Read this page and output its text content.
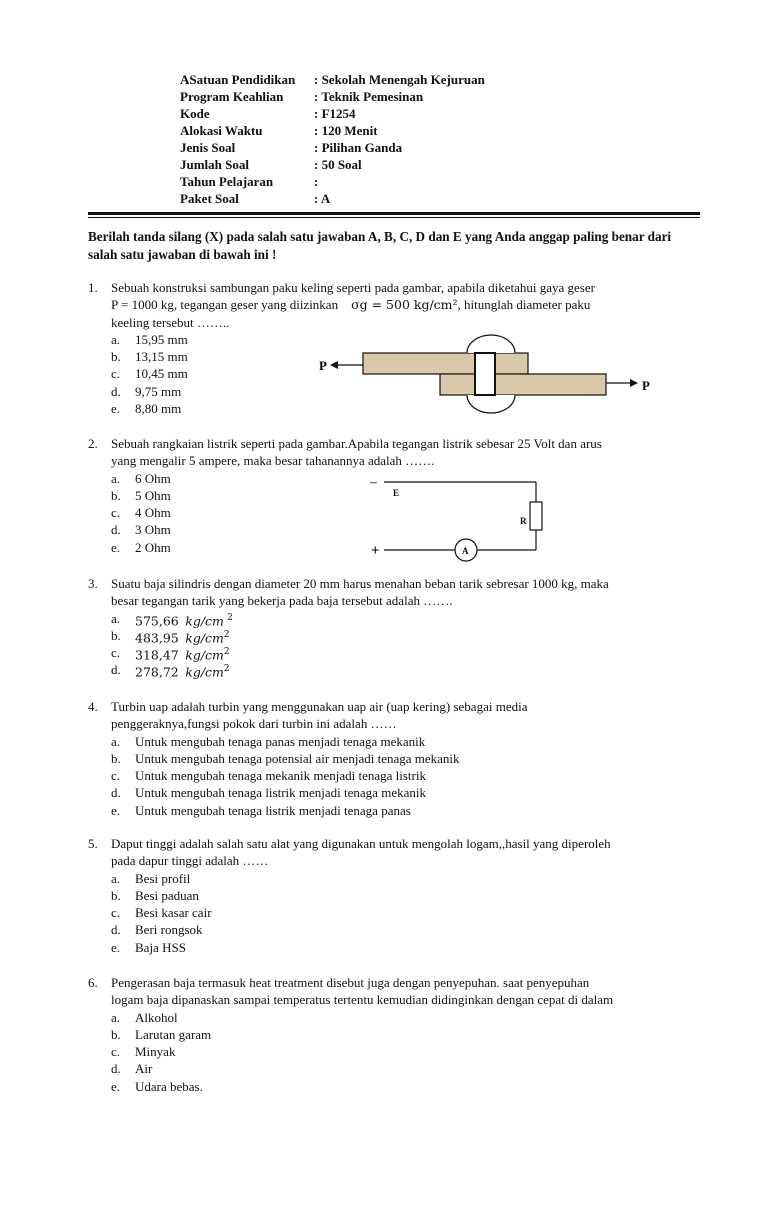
ASatuan Pendidikan : Sekolah Menengah Kejuruan
Program Keahlian : Teknik Pemesinan
Kode	: F1254
Alokasi Waktu	: 120 Menit
Jenis Soal	: Pilihan Ganda
Jumlah Soal	: 50 Soal
Tahun Pelajaran	:
Paket Soal	: A
Berilah tanda silang (X) pada salah satu jawaban A, B, C, D dan E yang Anda anggap paling benar dari salah satu jawaban di bawah ini !
1. Sebuah konstruksi sambungan paku keling seperti pada gambar, apabila diketahui gaya geser
P = 1000 kg, tegangan geser yang diizinkan σg = 500 kg/cm², hitunglah diameter paku
keeling tersebut ……..
a. 15,95 mm
b. 13,15 mm
c. 10,45 mm
d. 9,75 mm
e. 8,80 mm
P
P
2. Sebuah rangkaian listrik seperti pada gambar.Apabila tegangan listrik sebesar 25 Volt dan arus
yang mengalir 5 ampere, maka besar tahanannya adalah …….
a. 6 Ohm
b. 5 Ohm
c. 4 Ohm
d. 3 Ohm
e. 2 Ohm
–
+
E
R
A
3. Suatu baja silindris dengan diameter 20 mm harus menahan beban tarik sebresar 1000 kg, maka
besar tegangan tarik yang bekerja pada baja tersebut adalah …….
a. 575,66 kg/cm $^2$
b. 483,95 $kg/cm^2$
c. 318,47 $kg/cm^2$
d. 278,72 $kg/cm^2$
4. Turbin uap adalah turbin yang menggunakan uap air (uap kering) sebagai media
penggeraknya,fungsi pokok dari turbin ini adalah ……
a. Untuk mengubah tenaga panas menjadi tenaga mekanik
b. Untuk mengubah tenaga potensial air menjadi tenaga mekanik
c. Untuk mengubah tenaga mekanik menjadi tenaga listrik
d. Untuk mengubah tenaga listrik menjadi tenaga mekanik
e. Untuk mengubah tenaga listrik menjadi tenaga panas
5. Daput tinggi adalah salah satu alat yang digunakan untuk mengolah logam,,hasil yang diperoleh
pada dapur tinggi adalah ……
a. Besi profil
b. Besi paduan
c. Besi kasar cair
d. Beri rongsok
e. Baja HSS
6. Pengerasan baja termasuk heat treatment disebut juga dengan penyepuhan. saat penyepuhan
logam baja dipanaskan sampai temperatus tertentu kemudian didinginkan dengan cepat di dalam
a. Alkohol
b. Larutan garam
c. Minyak
d. Air
e. Udara bebas.
